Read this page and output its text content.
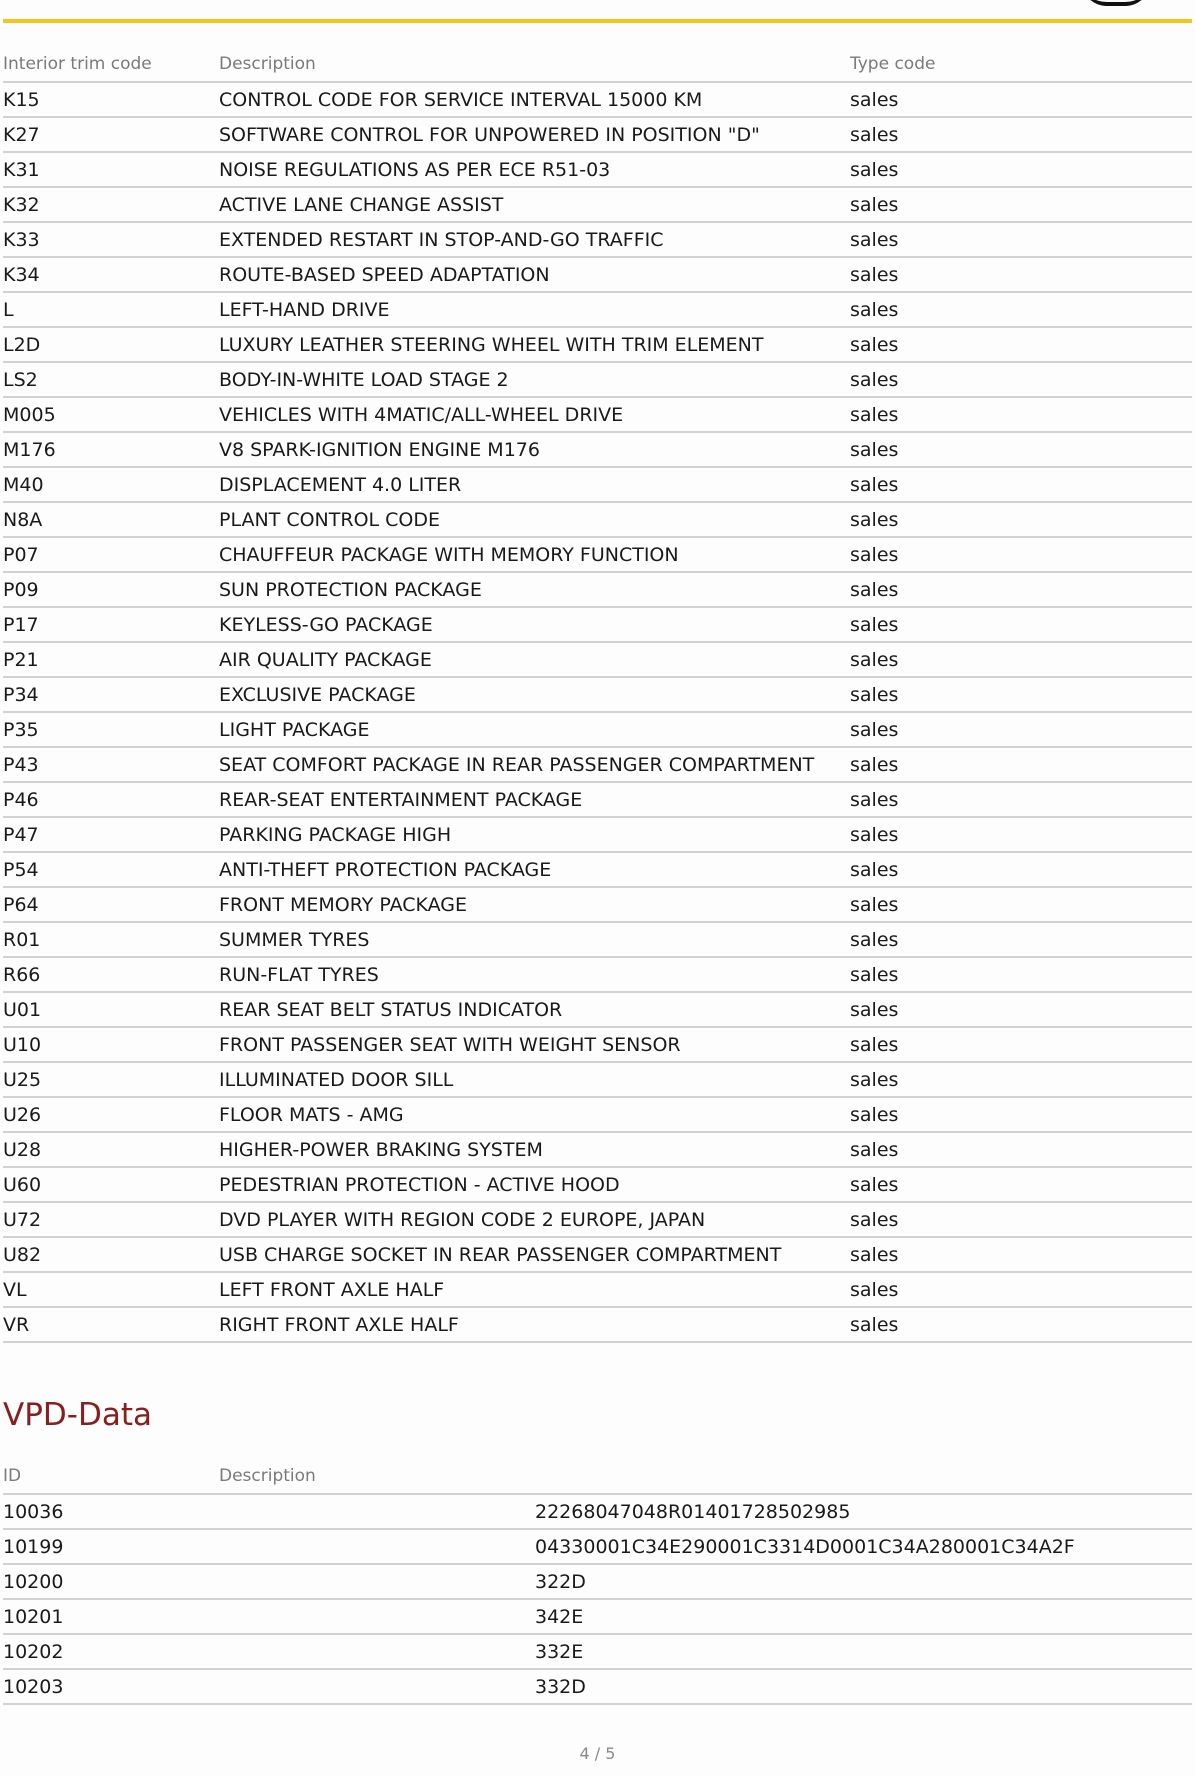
Interior trim code	Description	Type code
K15	CONTROL CODE FOR SERVICE INTERVAL 15000 KM	sales
K27	SOFTWARE CONTROL FOR UNPOWERED IN POSITION "D"	sales
K31	NOISE REGULATIONS AS PER ECE R51-03	sales
K32	ACTIVE LANE CHANGE ASSIST	sales
K33	EXTENDED RESTART IN STOP-AND-GO TRAFFIC	sales
K34	ROUTE-BASED SPEED ADAPTATION	sales
L	LEFT-HAND DRIVE	sales
L2D	LUXURY LEATHER STEERING WHEEL WITH TRIM ELEMENT	sales
LS2	BODY-IN-WHITE LOAD STAGE 2	sales
M005	VEHICLES WITH 4MATIC/ALL-WHEEL DRIVE	sales
M176	V8 SPARK-IGNITION ENGINE M176	sales
M40	DISPLACEMENT 4.0 LITER	sales
N8A	PLANT CONTROL CODE	sales
P07	CHAUFFEUR PACKAGE WITH MEMORY FUNCTION	sales
P09	SUN PROTECTION PACKAGE	sales
P17	KEYLESS-GO PACKAGE	sales
P21	AIR QUALITY PACKAGE	sales
P34	EXCLUSIVE PACKAGE	sales
P35	LIGHT PACKAGE	sales
P43	SEAT COMFORT PACKAGE IN REAR PASSENGER COMPARTMENT	sales
P46	REAR-SEAT ENTERTAINMENT PACKAGE	sales
P47	PARKING PACKAGE HIGH	sales
P54	ANTI-THEFT PROTECTION PACKAGE	sales
P64	FRONT MEMORY PACKAGE	sales
R01	SUMMER TYRES	sales
R66	RUN-FLAT TYRES	sales
U01	REAR SEAT BELT STATUS INDICATOR	sales
U10	FRONT PASSENGER SEAT WITH WEIGHT SENSOR	sales
U25	ILLUMINATED DOOR SILL	sales
U26	FLOOR MATS - AMG	sales
U28	HIGHER-POWER BRAKING SYSTEM	sales
U60	PEDESTRIAN PROTECTION - ACTIVE HOOD	sales
U72	DVD PLAYER WITH REGION CODE 2 EUROPE, JAPAN	sales
U82	USB CHARGE SOCKET IN REAR PASSENGER COMPARTMENT	sales
VL	LEFT FRONT AXLE HALF	sales
VR	RIGHT FRONT AXLE HALF	sales
VPD-Data
ID	Description	
10036		22268047048R01401728502985
10199		04330001C34E290001C3314D0001C34A280001C34A2F
10200		322D
10201		342E
10202		332E
10203		332D
4 / 5
